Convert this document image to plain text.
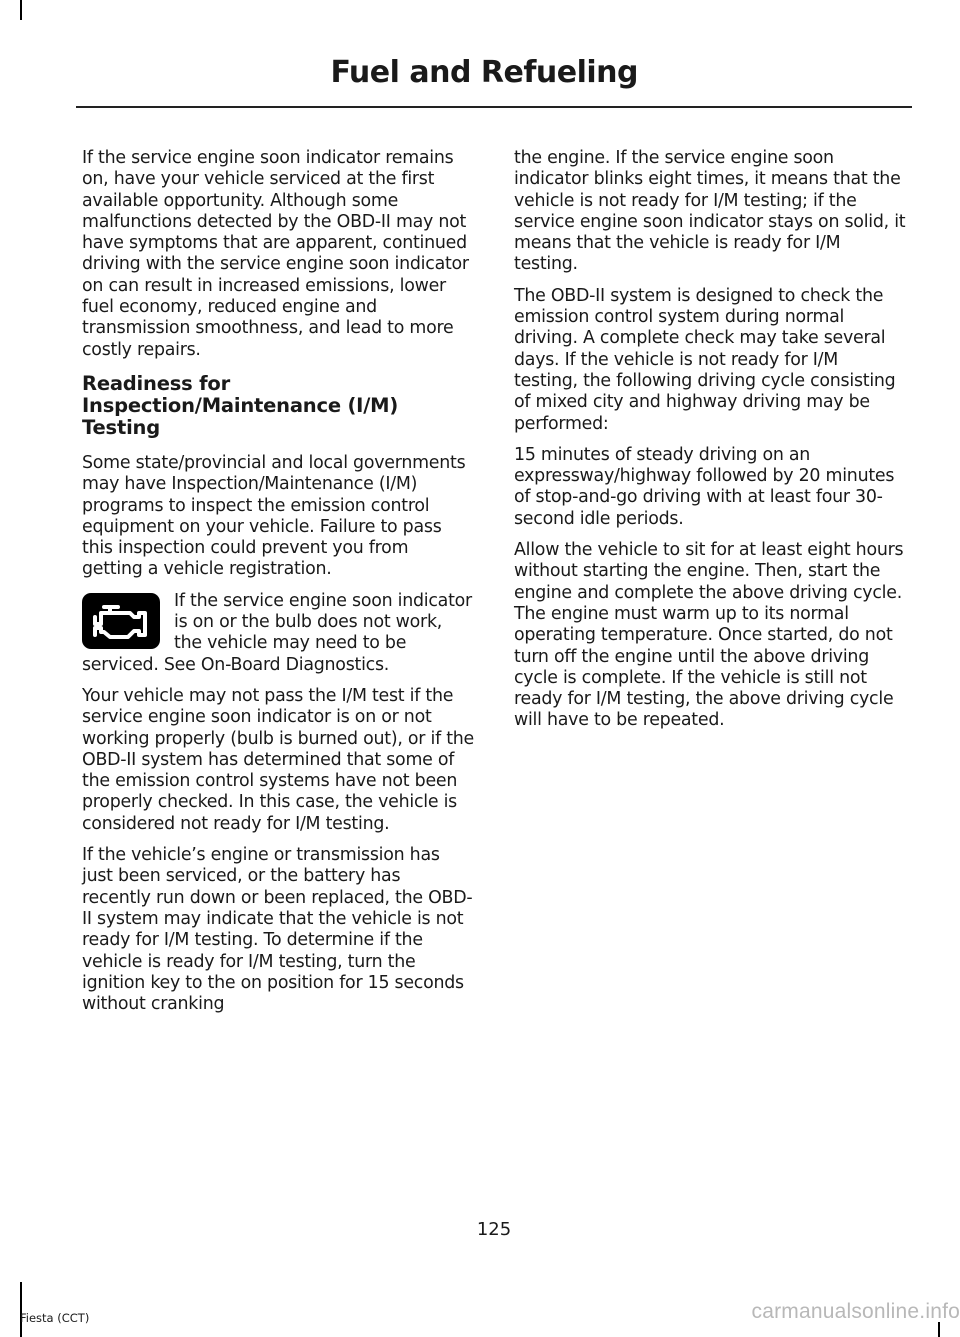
Fuel and Refueling

If the service engine soon indicator remains on, have your vehicle serviced at the first available opportunity. Although some malfunctions detected by the OBD-II may not have symptoms that are apparent, continued driving with the service engine soon indicator on can result in increased emissions, lower fuel economy, reduced engine and transmission smoothness, and lead to more costly repairs.

Readiness for Inspection/Maintenance (I/M) Testing

Some state/provincial and local governments may have Inspection/Maintenance (I/M) programs to inspect the emission control equipment on your vehicle. Failure to pass this inspection could prevent you from getting a vehicle registration.

If the service engine soon indicator is on or the bulb does not work, the vehicle may need to be serviced. See On-Board Diagnostics.

Your vehicle may not pass the I/M test if the service engine soon indicator is on or not working properly (bulb is burned out), or if the OBD-II system has determined that some of the emission control systems have not been properly checked. In this case, the vehicle is considered not ready for I/M testing.

If the vehicle’s engine or transmission has just been serviced, or the battery has recently run down or been replaced, the OBD-II system may indicate that the vehicle is not ready for I/M testing. To determine if the vehicle is ready for I/M testing, turn the ignition key to the on position for 15 seconds without cranking

the engine. If the service engine soon indicator blinks eight times, it means that the vehicle is not ready for I/M testing; if the service engine soon indicator stays on solid, it means that the vehicle is ready for I/M testing.

The OBD-II system is designed to check the emission control system during normal driving. A complete check may take several days. If the vehicle is not ready for I/M testing, the following driving cycle consisting of mixed city and highway driving may be performed:

15 minutes of steady driving on an expressway/highway followed by 20 minutes of stop-and-go driving with at least four 30-second idle periods.

Allow the vehicle to sit for at least eight hours without starting the engine. Then, start the engine and complete the above driving cycle. The engine must warm up to its normal operating temperature. Once started, do not turn off the engine until the above driving cycle is complete. If the vehicle is still not ready for I/M testing, the above driving cycle will have to be repeated.

125
Fiesta (CCT)	carmanualsonline.info
